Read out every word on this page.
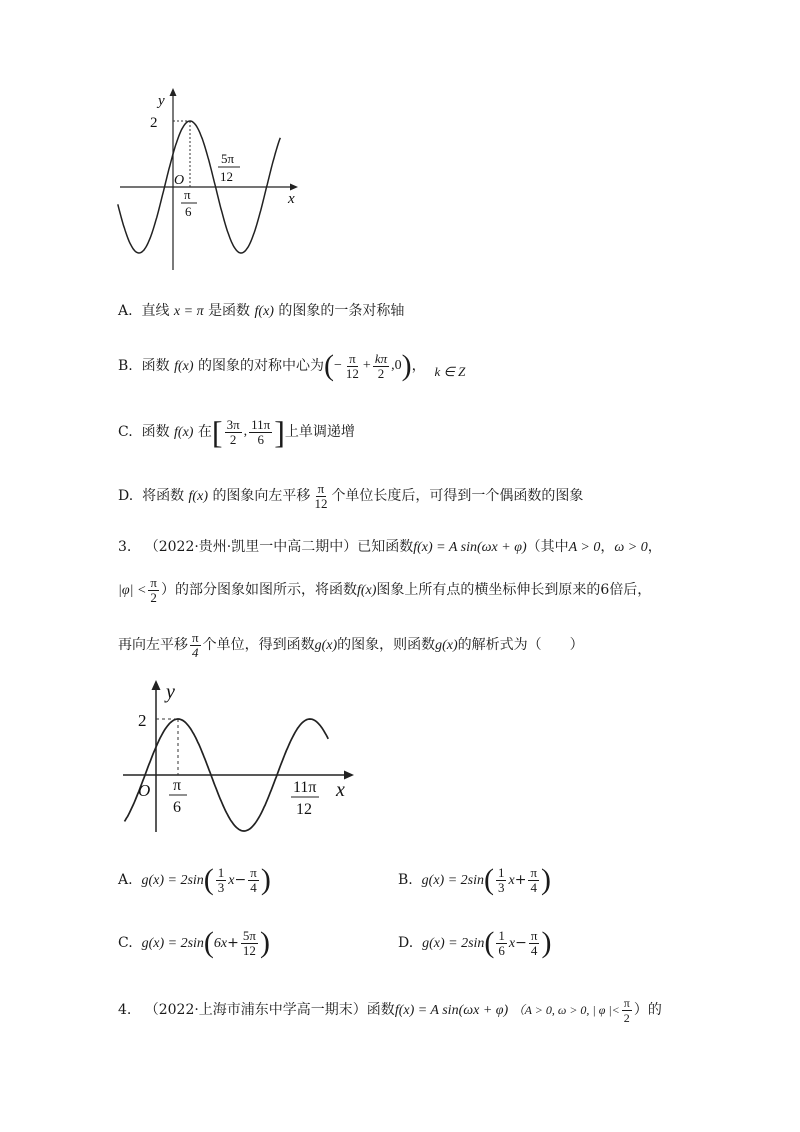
y
x
2
O
π
6
5π
12
A. 直线 x = π 是函数 f(x) 的图象的一条对称轴
B. 函数 f(x) 的图象的对称中心为(− $\frac{\pi}{12} + \frac{k\pi}{2} ,0$)， k ∈ Z
C. 函数 f(x) 在[ $\frac{3\pi}{2}$ , $\frac{11\pi}{6}$ ]上单调递增
D. 将函数 f(x) 的图象向左平移 $\frac{\pi}{12}$ 个单位长度后，可得到一个偶函数的图象
3. （2022·贵州·凯里一中高二期中）已知函数f(x) = A sin(ωx + φ)（其中A > 0，ω > 0，
$|\varphi| < \frac{\pi}{2}$ ）的部分图象如图所示，将函数f(x)图象上所有点的横坐标伸长到原来的6倍后，
再向左平移 $\frac{\pi}{4}$ 个单位，得到函数g(x)的图象，则函数g(x)的解析式为（　　）
y
x
2
O π
6
11π
12
A. $g(x) = 2\sin( \frac{1}{3} x- \frac{\pi}{4}$ )	B. $g(x) = 2\sin( \frac{1}{3} x+ \frac{\pi}{4}$ )
C. $g(x) = 2\sin(6x+ \frac{5\pi}{12}$ )	D. $g(x) = 2\sin( \frac{1}{6} x- \frac{\pi}{4}$ )
4. （2022·上海市浦东中学高一期末）函数f(x) = A sin(ωx + φ) （A > 0, ω > 0, | φ |< $\frac{\pi}{2}$ ）的
